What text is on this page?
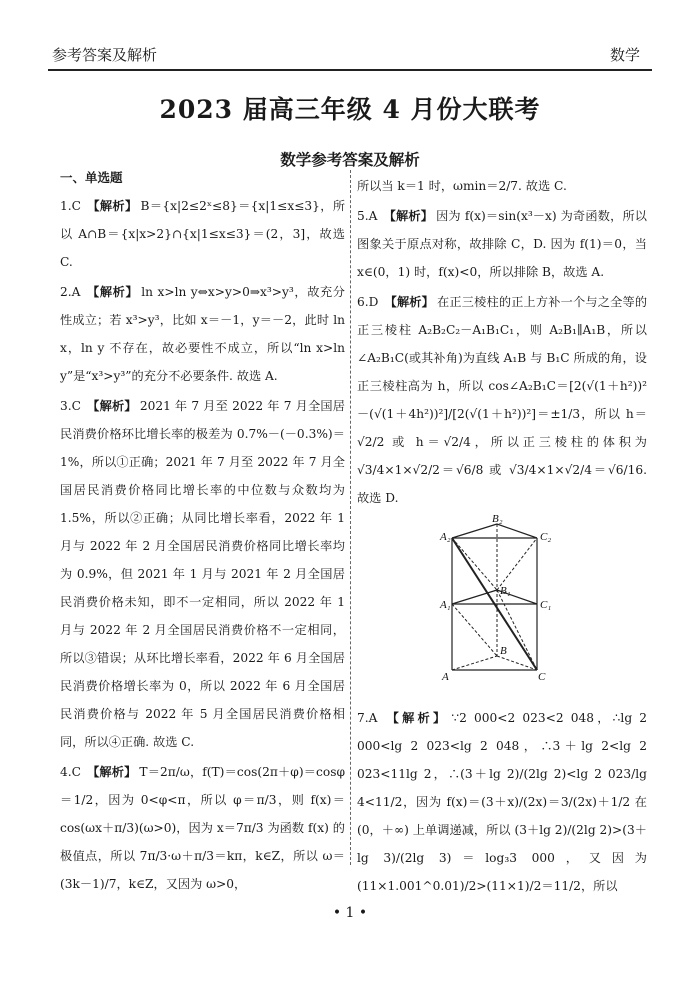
参考答案及解析	数学
2023 届高三年级 4 月份大联考
数学参考答案及解析
一、单选题
1.C 【解析】 B＝{x|2≤2ˣ≤8}＝{x|1≤x≤3}，所以 A∩B＝{x|x>2}∩{x|1≤x≤3}＝(2，3]，故选 C.
2.A 【解析】 ln x>ln y⇔x>y>0⇒x³>y³，故充分性成立；若 x³>y³，比如 x＝－1，y＝－2，此时 ln x，ln y 不存在，故必要性不成立，所以“ln x>ln y”是“x³>y³”的充分不必要条件. 故选 A.
3.C 【解析】 2021 年 7 月至 2022 年 7 月全国居民消费价格环比增长率的极差为 0.7%－(－0.3%)＝1%，所以①正确；2021 年 7 月至 2022 年 7 月全国居民消费价格同比增长率的中位数与众数均为 1.5%，所以②正确；从同比增长率看，2022 年 1 月与 2022 年 2 月全国居民消费价格同比增长率均为 0.9%，但 2021 年 1 月与 2021 年 2 月全国居民消费价格未知，即不一定相同，所以 2022 年 1 月与 2022 年 2 月全国居民消费价格不一定相同，所以③错误；从环比增长率看，2022 年 6 月全国居民消费价格增长率为 0，所以 2022 年 6 月全国居民消费价格与 2022 年 5 月全国居民消费价格相同，所以④正确. 故选 C.
4.C 【解析】 T＝2π/ω，f(T)＝cos(2π＋φ)＝cosφ＝1/2，因为 0<φ<π，所以 φ＝π/3，则 f(x)＝cos(ωx＋π/3)(ω>0)，因为 x＝7π/3 为函数 f(x) 的极值点，所以 7π/3·ω＋π/3＝kπ，k∈Z，所以 ω＝(3k－1)/7，k∈Z，又因为 ω>0，
所以当 k＝1 时，ωmin＝2/7. 故选 C.
5.A 【解析】 因为 f(x)＝sin(x³－x) 为奇函数，所以图象关于原点对称，故排除 C，D. 因为 f(1)＝0，当 x∈(0，1) 时，f(x)<0，所以排除 B，故选 A.
6.D 【解析】 在正三棱柱的正上方补一个与之全等的正三棱柱 A₂B₂C₂－A₁B₁C₁，则 A₂B₁∥A₁B，所以∠A₂B₁C(或其补角)为直线 A₁B 与 B₁C 所成的角，设正三棱柱高为 h，所以 cos∠A₂B₁C＝[2(√(1＋h²))²－(√(1＋4h²))²]/[2(√(1＋h²))²]＝±1/3，所以 h＝√2/2 或 h＝√2/4，所以正三棱柱的体积为 √3/4×1×√2/2＝√6/8 或 √3/4×1×√2/4＝√6/16. 故选 D.
B₂
A₂	C₂
B₁
A₁	C₁
B
A	C
7.A 【解析】 ∵2 000<2 023<2 048，∴lg 2 000<lg 2 023<lg 2 048，∴3＋lg 2<lg 2 023<11lg 2，∴(3＋lg 2)/(2lg 2)<lg 2 023/lg 4<11/2，因为 f(x)＝(3＋x)/(2x)＝3/(2x)＋1/2 在 (0，＋∞) 上单调递减，所以 (3＋lg 2)/(2lg 2)>(3＋lg 3)/(2lg 3)＝log₃3 000，又因为 (11×1.001^0.01)/2>(11×1)/2＝11/2，所以
• 1 •
